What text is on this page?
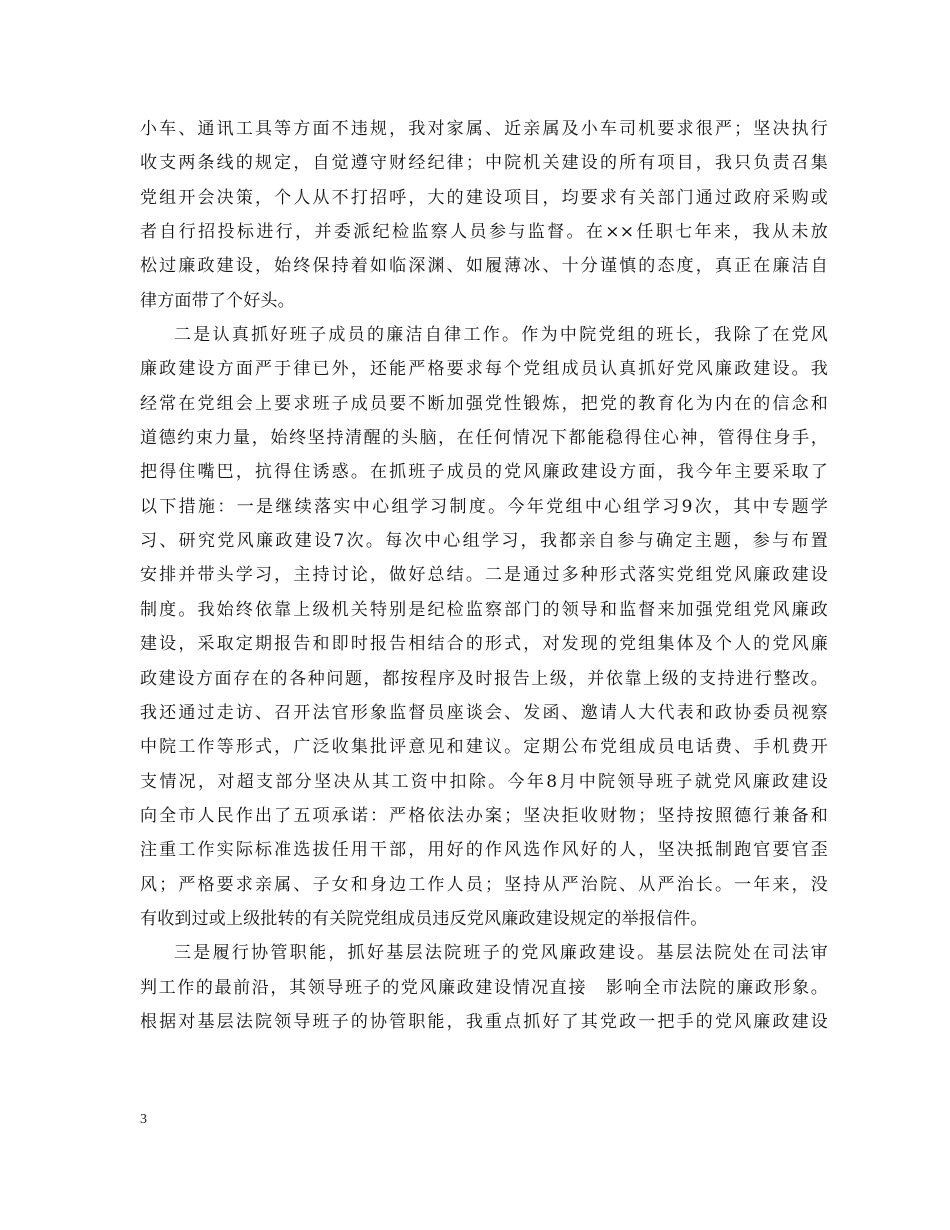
小车、通讯工具等方面不违规，我对家属、近亲属及小车司机要求很严；坚决执行
收支两条线的规定，自觉遵守财经纪律；中院机关建设的所有项目，我只负责召集
党组开会决策，个人从不打招呼，大的建设项目，均要求有关部门通过政府采购或
者自行招投标进行，并委派纪检监察人员参与监督。在××任职七年来，我从未放
松过廉政建设，始终保持着如临深渊、如履薄冰、十分谨慎的态度，真正在廉洁自
律方面带了个好头。
二是认真抓好班子成员的廉洁自律工作。作为中院党组的班长，我除了在党风
廉政建设方面严于律已外，还能严格要求每个党组成员认真抓好党风廉政建设。我
经常在党组会上要求班子成员要不断加强党性锻炼，把党的教育化为内在的信念和
道德约束力量，始终坚持清醒的头脑，在任何情况下都能稳得住心神，管得住身手，
把得住嘴巴，抗得住诱惑。在抓班子成员的党风廉政建设方面，我今年主要采取了
以下措施：一是继续落实中心组学习制度。今年党组中心组学习9次，其中专题学
习、研究党风廉政建设7次。每次中心组学习，我都亲自参与确定主题，参与布置
安排并带头学习，主持讨论，做好总结。二是通过多种形式落实党组党风廉政建设
制度。我始终依靠上级机关特别是纪检监察部门的领导和监督来加强党组党风廉政
建设，采取定期报告和即时报告相结合的形式，对发现的党组集体及个人的党风廉
政建设方面存在的各种问题，都按程序及时报告上级，并依靠上级的支持进行整改。
我还通过走访、召开法官形象监督员座谈会、发函、邀请人大代表和政协委员视察
中院工作等形式，广泛收集批评意见和建议。定期公布党组成员电话费、手机费开
支情况，对超支部分坚决从其工资中扣除。今年8月中院领导班子就党风廉政建设
向全市人民作出了五项承诺：严格依法办案；坚决拒收财物；坚持按照德行兼备和
注重工作实际标准选拔任用干部，用好的作风选作风好的人，坚决抵制跑官要官歪
风；严格要求亲属、子女和身边工作人员；坚持从严治院、从严治长。一年来，没
有收到过或上级批转的有关院党组成员违反党风廉政建设规定的举报信件。
三是履行协管职能，抓好基层法院班子的党风廉政建设。基层法院处在司法审
判工作的最前沿，其领导班子的党风廉政建设情况直接　影响全市法院的廉政形象。
根据对基层法院领导班子的协管职能，我重点抓好了其党政一把手的党风廉政建设
3
